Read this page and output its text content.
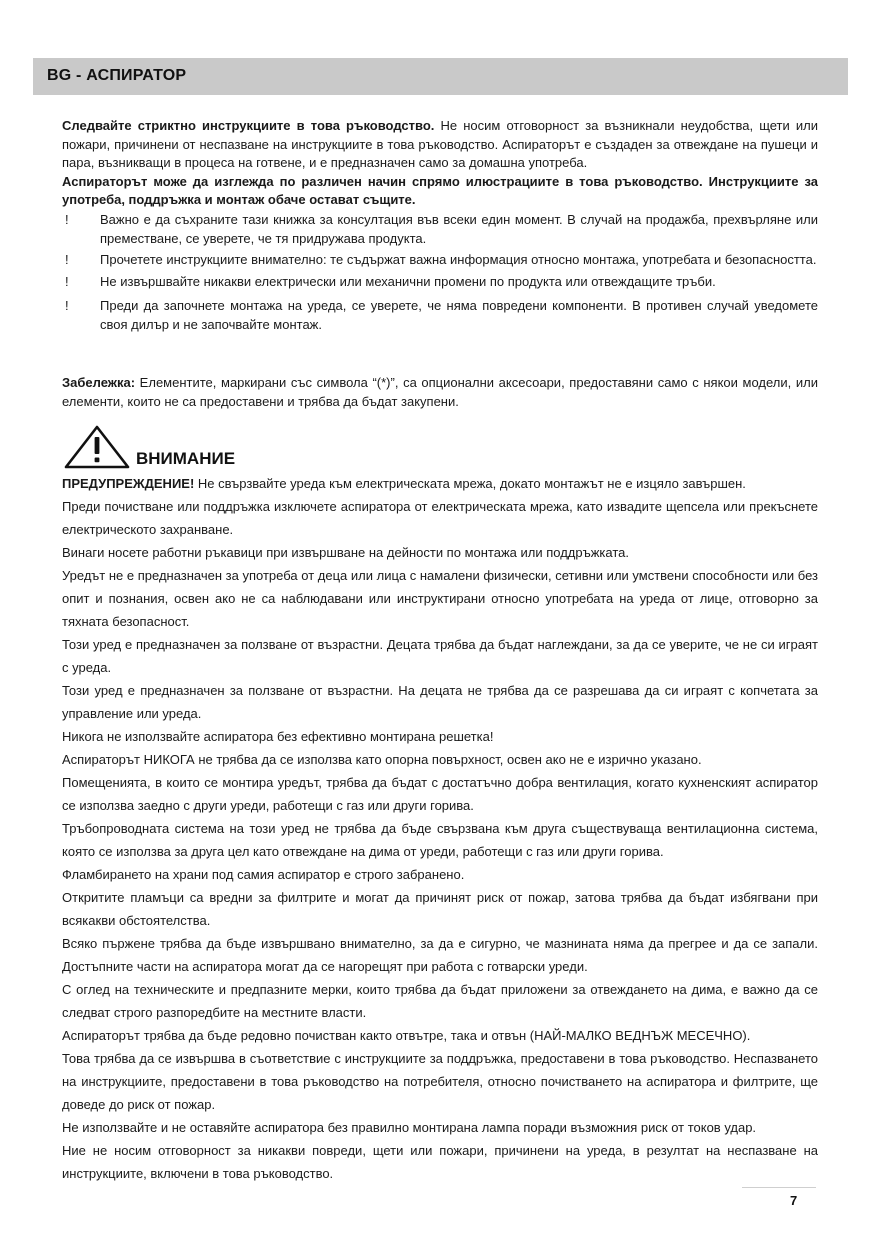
BG - АСПИРАТОР

Следвайте стриктно инструкциите в това ръководство. Не носим отговорност за възникнали неудобства, щети или пожари, причинени от неспазване на инструкциите в това ръководство. Аспираторът е създаден за отвеждане на пушеци и пара, възникващи в процеса на готвене, и е предназначен само за домашна употреба.

Аспираторът може да изглежда по различен начин спрямо илюстрациите в това ръководство. Инструкциите за употреба, поддръжка и монтаж обаче остават същите.

! Важно е да съхраните тази книжка за консултация във всеки един момент. В случай на продажба, прехвърляне или преместване, се уверете, че тя придружава продукта.
! Прочетете инструкциите внимателно: те съдържат важна информация относно монтажа, употребата и безопасността.
! Не извършвайте никакви електрически или механични промени по продукта или отвеждащите тръби.
! Преди да започнете монтажа на уреда, се уверете, че няма повредени компоненти. В противен случай уведомете своя дилър и не започвайте монтаж.

Забележка: Елементите, маркирани със символа “(*)”, са опционални аксесоари, предоставяни само с някои модели, или елементи, които не са предоставени и трябва да бъдат закупени.

ВНИМАНИЕ

ПРЕДУПРЕЖДЕНИЕ! Не свързвайте уреда към електрическата мрежа, докато монтажът не е изцяло завършен.

Преди почистване или поддръжка изключете аспиратора от електрическата мрежа, като извадите щепсела или прекъснете електрическото захранване.

Винаги носете работни ръкавици при извършване на дейности по монтажа или поддръжката.

Уредът не е предназначен за употреба от деца или лица с намалени физически, сетивни или умствени способности или без опит и познания, освен ако не са наблюдавани или инструктирани относно употребата на уреда от лице, отговорно за тяхната безопасност.

Този уред е предназначен за ползване от възрастни. Децата трябва да бъдат наглеждани, за да се уверите, че не си играят с уреда.

Този уред е предназначен за ползване от възрастни. На децата не трябва да се разрешава да си играят с копчетата за управление или уреда.

Никога не използвайте аспиратора без ефективно монтирана решетка!

Аспираторът НИКОГА не трябва да се използва като опорна повърхност, освен ако не е изрично указано.

Помещенията, в които се монтира уредът, трябва да бъдат с достатъчно добра вентилация, когато кухненският аспиратор се използва заедно с други уреди, работещи с газ или други горива.

Тръбопроводната система на този уред не трябва да бъде свързвана към друга съществуваща вентилационна система, която се използва за друга цел като отвеждане на дима от уреди, работещи с газ или други горива.

Фламбирането на храни под самия аспиратор е строго забранено.

Откритите пламъци са вредни за филтрите и могат да причинят риск от пожар, затова трябва да бъдат избягвани при всякакви обстоятелства.

Всяко пържене трябва да бъде извършвано внимателно, за да е сигурно, че мазнината няма да прегрее и да се запали. Достъпните части на аспиратора могат да се нагорещят при работа с готварски уреди.

С оглед на техническите и предпазните мерки, които трябва да бъдат приложени за отвеждането на дима, е важно да се следват строго разпоредбите на местните власти.

Аспираторът трябва да бъде редовно почистван както отвътре, така и отвън (НАЙ-МАЛКО ВЕДНЪЖ МЕСЕЧНО).

Това трябва да се извършва в съответствие с инструкциите за поддръжка, предоставени в това ръководство. Неспазването на инструкциите, предоставени в това ръководство на потребителя, относно почистването на аспиратора и филтрите, ще доведе до риск от пожар.

Не използвайте и не оставяйте аспиратора без правилно монтирана лампа поради възможния риск от токов удар.

Ние не носим отговорност за никакви повреди, щети или пожари, причинени на уреда, в резултат на неспазване на инструкциите, включени в това ръководство.

7
